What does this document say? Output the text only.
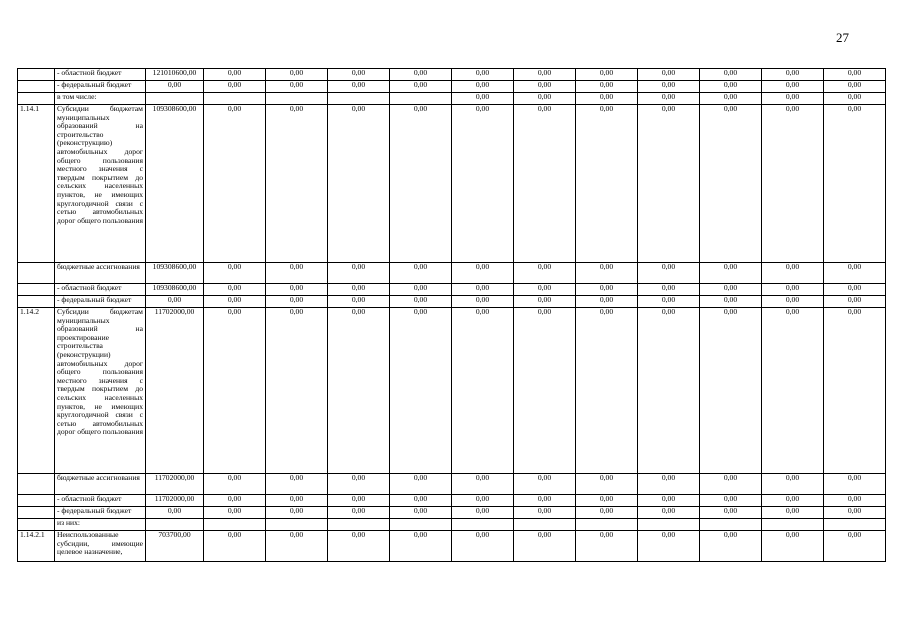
27
	- областной бюджет	121010600,00	0,00	0,00	0,00	0,00	0,00	0,00	0,00	0,00	0,00	0,00	0,00
	- федеральный бюджет	0,00	0,00	0,00	0,00	0,00	0,00	0,00	0,00	0,00	0,00	0,00	0,00
	в том числе:						0,00	0,00	0,00	0,00	0,00	0,00	0,00
1.14.1	Субсидии бюджетам муниципальных образований на строительство (реконструкцию) автомобильных дорог общего пользования местного значения с твердым покрытием до сельских населенных пунктов, не имеющих круглогодичной связи с сетью автомобильных дорог общего пользования	109308600,00	0,00	0,00	0,00	0,00	0,00	0,00	0,00	0,00	0,00	0,00	0,00
	бюджетные ассигнования	109308600,00	0,00	0,00	0,00	0,00	0,00	0,00	0,00	0,00	0,00	0,00	0,00
	- областной бюджет	109308600,00	0,00	0,00	0,00	0,00	0,00	0,00	0,00	0,00	0,00	0,00	0,00
	- федеральный бюджет	0,00	0,00	0,00	0,00	0,00	0,00	0,00	0,00	0,00	0,00	0,00	0,00
1.14.2	Субсидии бюджетам муниципальных образований на проектирование строительства (реконструкции) автомобильных дорог общего пользования местного значения с твердым покрытием до сельских населенных пунктов, не имеющих круглогодичной связи с сетью автомобильных дорог общего пользования	11702000,00	0,00	0,00	0,00	0,00	0,00	0,00	0,00	0,00	0,00	0,00	0,00
	бюджетные ассигнования	11702000,00	0,00	0,00	0,00	0,00	0,00	0,00	0,00	0,00	0,00	0,00	0,00
	- областной бюджет	11702000,00	0,00	0,00	0,00	0,00	0,00	0,00	0,00	0,00	0,00	0,00	0,00
	- федеральный бюджет	0,00	0,00	0,00	0,00	0,00	0,00	0,00	0,00	0,00	0,00	0,00	0,00
	из них:												
1.14.2.1	Неиспользованные субсидии, имеющие целевое назначение,	703700,00	0,00	0,00	0,00	0,00	0,00	0,00	0,00	0,00	0,00	0,00	0,00
